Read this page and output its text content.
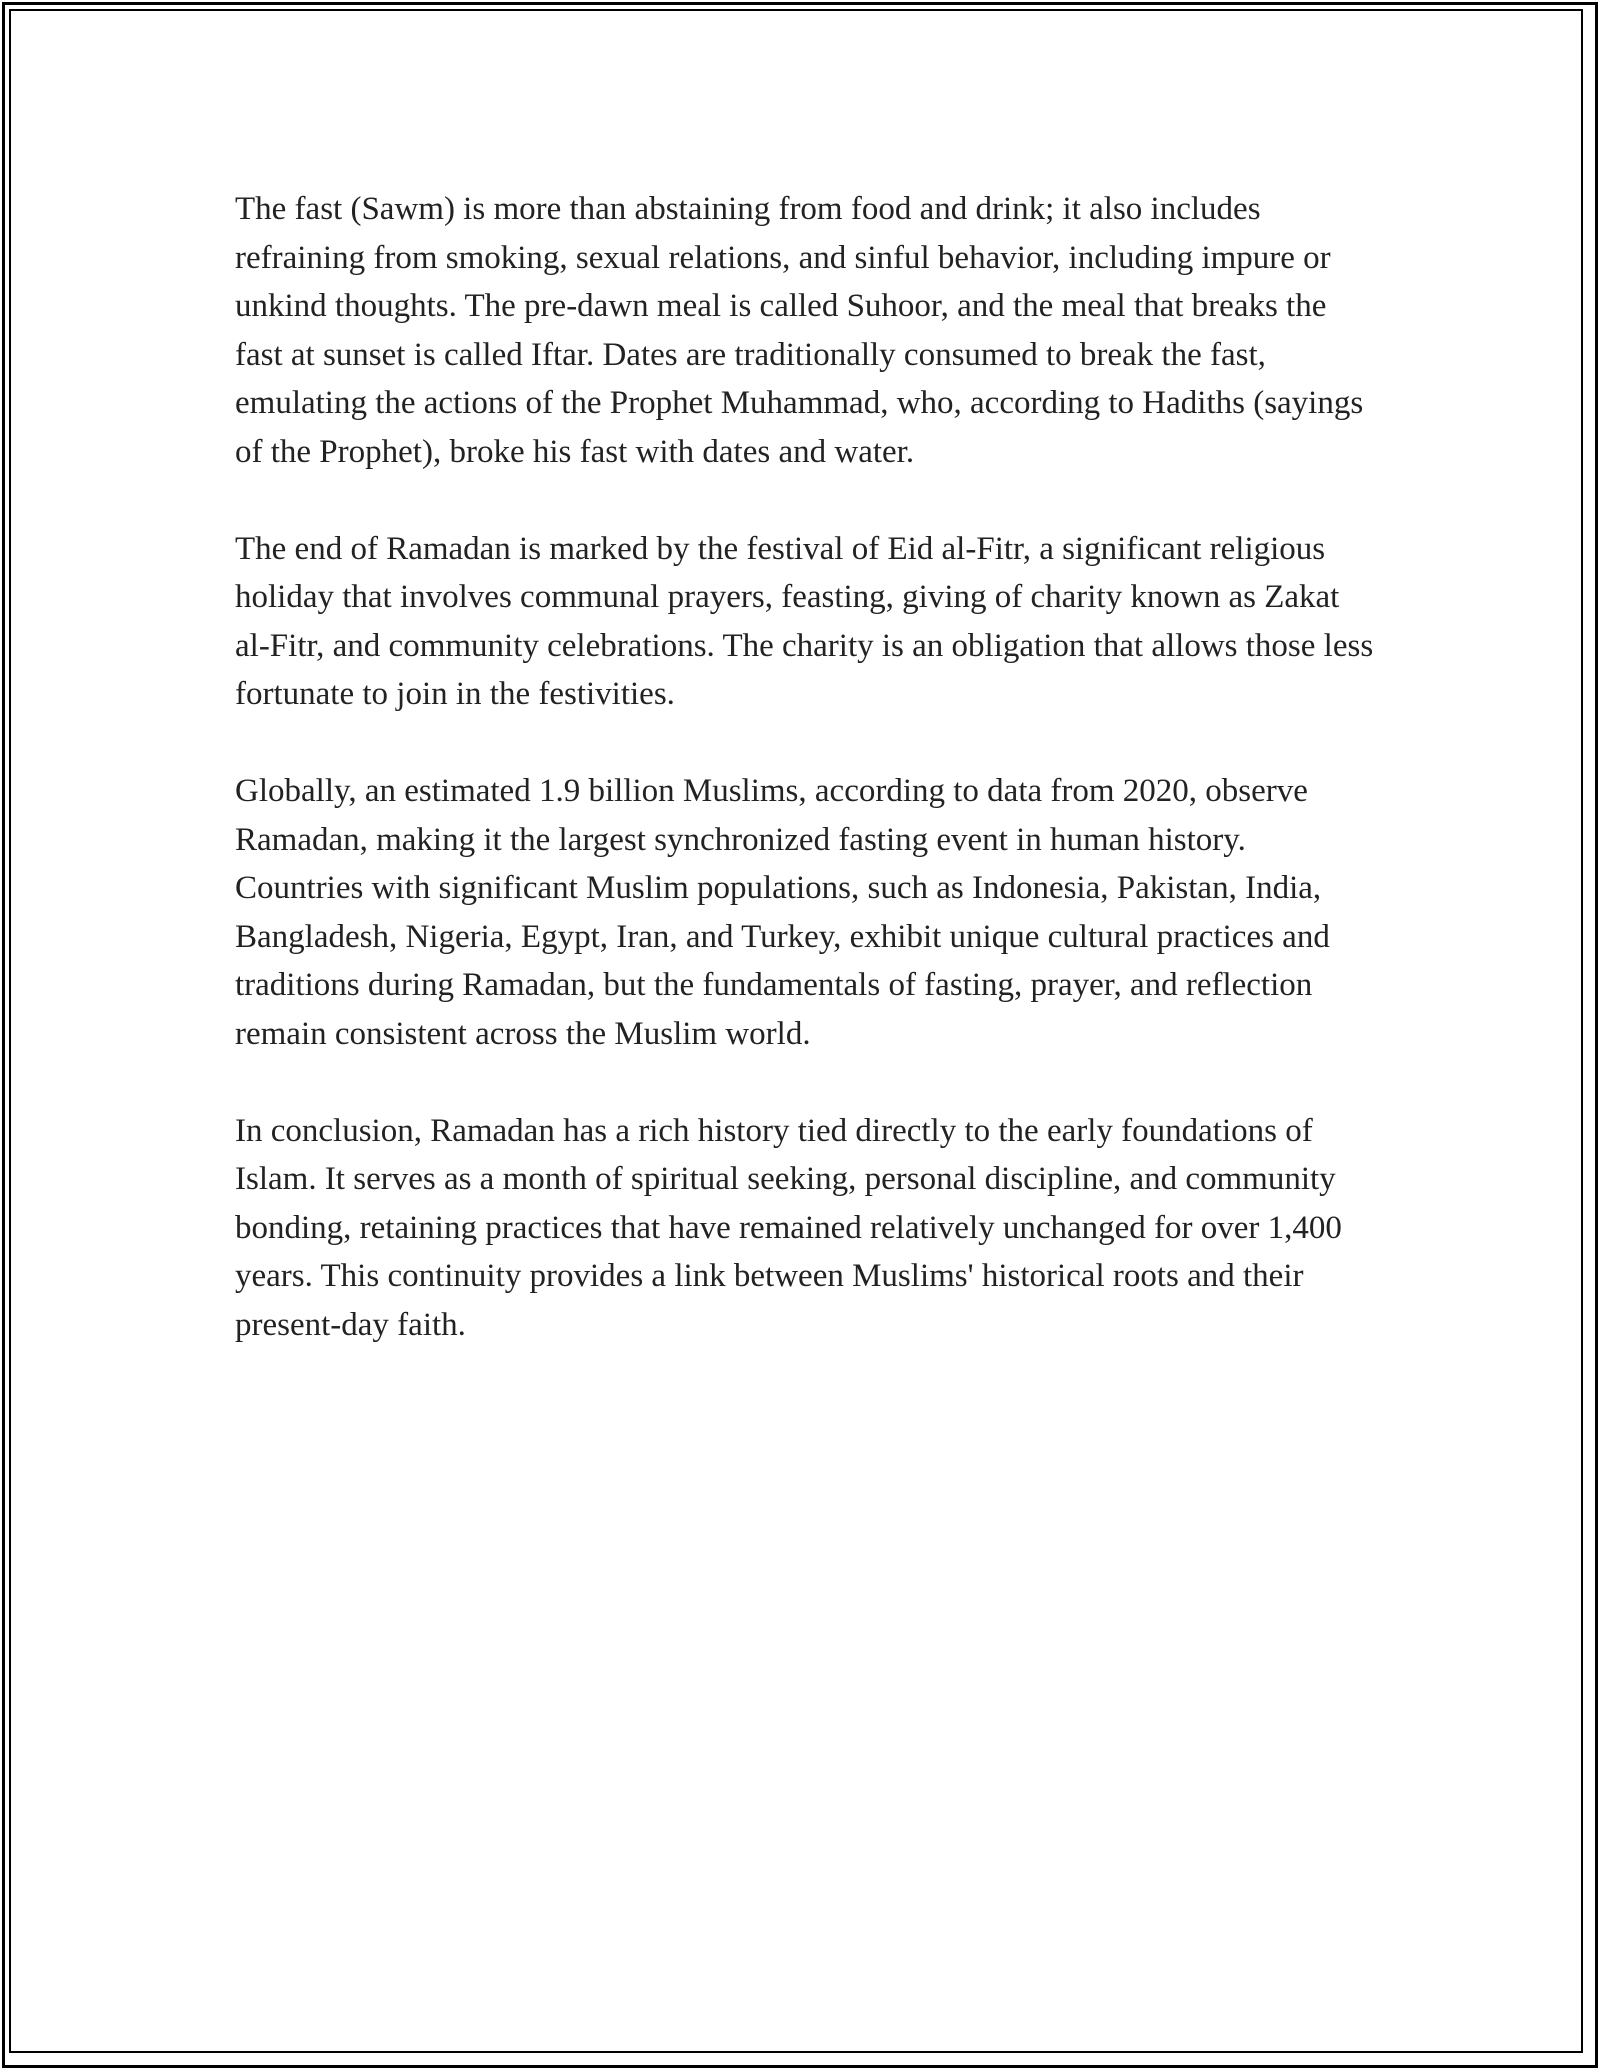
The fast (Sawm) is more than abstaining from food and drink; it also includes refraining from smoking, sexual relations, and sinful behavior, including impure or unkind thoughts. The pre-dawn meal is called Suhoor, and the meal that breaks the fast at sunset is called Iftar. Dates are traditionally consumed to break the fast, emulating the actions of the Prophet Muhammad, who, according to Hadiths (sayings of the Prophet), broke his fast with dates and water.

The end of Ramadan is marked by the festival of Eid al-Fitr, a significant religious holiday that involves communal prayers, feasting, giving of charity known as Zakat al-Fitr, and community celebrations. The charity is an obligation that allows those less fortunate to join in the festivities.

Globally, an estimated 1.9 billion Muslims, according to data from 2020, observe Ramadan, making it the largest synchronized fasting event in human history. Countries with significant Muslim populations, such as Indonesia, Pakistan, India, Bangladesh, Nigeria, Egypt, Iran, and Turkey, exhibit unique cultural practices and traditions during Ramadan, but the fundamentals of fasting, prayer, and reflection remain consistent across the Muslim world.

In conclusion, Ramadan has a rich history tied directly to the early foundations of Islam. It serves as a month of spiritual seeking, personal discipline, and community bonding, retaining practices that have remained relatively unchanged for over 1,400 years. This continuity provides a link between Muslims' historical roots and their present-day faith.
